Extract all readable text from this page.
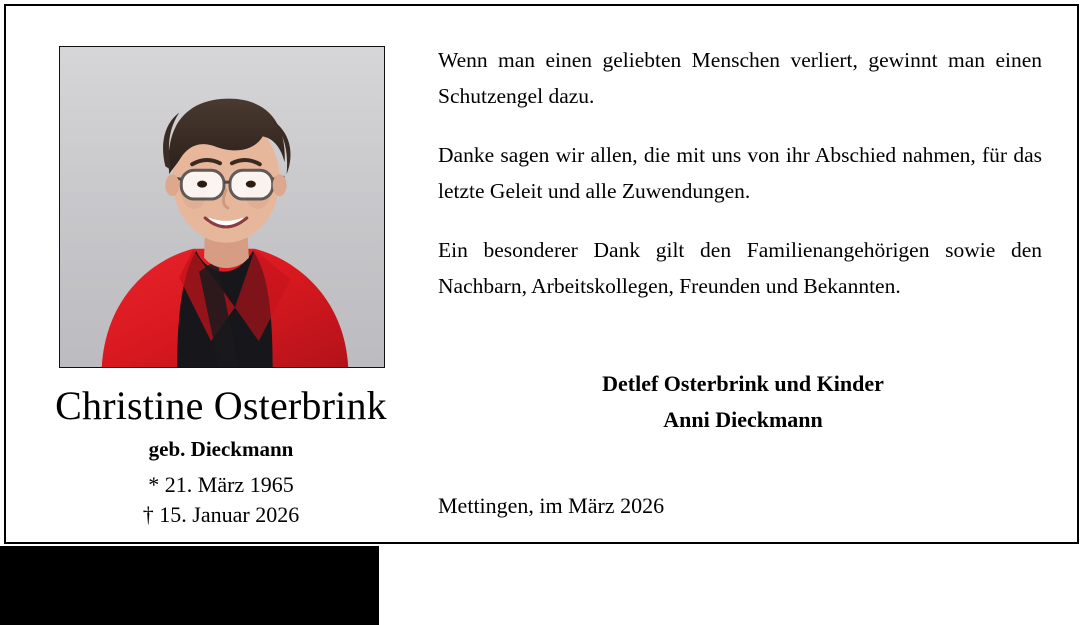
Christine Osterbrink
geb. Dieckmann
* 21. März 1965
† 15. Januar 2026

Wenn man einen geliebten Menschen verliert, gewinnt man einen Schutzengel dazu.

Danke sagen wir allen, die mit uns von ihr Abschied nahmen, für das letzte Geleit und alle Zuwendungen.

Ein besonderer Dank gilt den Familienangehörigen sowie den Nachbarn, Arbeitskollegen, Freunden und Bekannten.

Detlef Osterbrink und Kinder
Anni Dieckmann
Mettingen, im März 2026
